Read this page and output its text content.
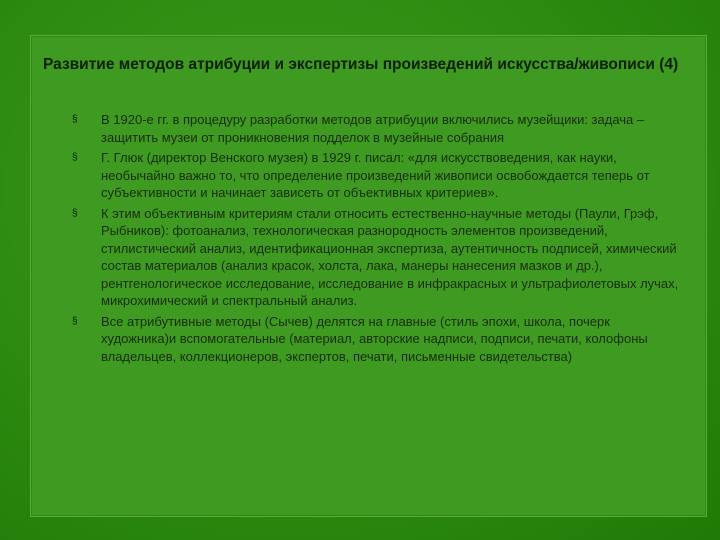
Развитие методов атрибуции и экспертизы произведений искусства/живописи (4)
§ В 1920-е гг. в процедуру разработки методов атрибуции включились музейщики: задача – защитить музеи от проникновения подделок в музейные собрания
§ Г. Глюк (директор Венского музея) в 1929 г. писал: «для искусствоведения, как науки, необычайно важно то, что определение произведений живописи освобождается теперь от субъективности и начинает зависеть от объективных критериев».
§ К этим объективным критериям стали относить естественно-научные методы (Паули, Грэф, Рыбников): фотоанализ, технологическая разнородность элементов произведений, стилистический анализ, идентификационная экспертиза, аутентичность подписей, химический состав материалов (анализ красок, холста, лака, манеры нанесения мазков и др.), рентгенологическое исследование, исследование в инфракрасных и ультрафиолетовых лучах, микрохимический и спектральный анализ.
§ Все атрибутивные методы (Сычев) делятся на главные (стиль эпохи, школа, почерк художника)и вспомогательные (материал, авторские надписи, подписи, печати, колофоны владельцев, коллекционеров, экспертов, печати, письменные свидетельства)
